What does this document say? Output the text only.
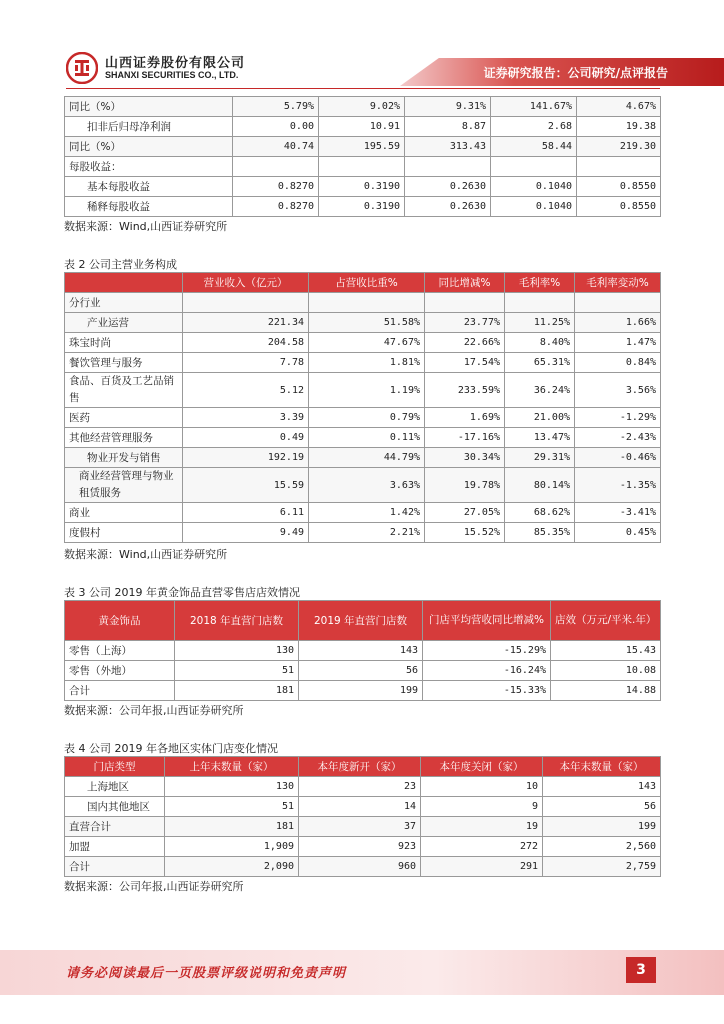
山西证券股份有限公司
SHANXI SECURITIES CO., LTD.	证券研究报告：公司研究/点评报告
同比（%）	5.79%	9.02%	9.31%	141.67%	4.67%
扣非后归母净利润	0.00	10.91	8.87	2.68	19.38
同比（%）	40.74	195.59	313.43	58.44	219.30
每股收益：					
基本每股收益	0.8270	0.3190	0.2630	0.1040	0.8550
稀释每股收益	0.8270	0.3190	0.2630	0.1040	0.8550
数据来源：Wind,山西证券研究所
表 2 公司主营业务构成
	营业收入（亿元）	占营收比重%	同比增减%	毛利率%	毛利率变动%
分行业					
产业运营	221.34	51.58%	23.77%	11.25%	1.66%
珠宝时尚	204.58	47.67%	22.66%	8.40%	1.47%
餐饮管理与服务	7.78	1.81%	17.54%	65.31%	0.84%
食品、百货及工艺品销售	5.12	1.19%	233.59%	36.24%	3.56%
医药	3.39	0.79%	1.69%	21.00%	-1.29%
其他经营管理服务	0.49	0.11%	-17.16%	13.47%	-2.43%
物业开发与销售	192.19	44.79%	30.34%	29.31%	-0.46%
商业经营管理与物业租赁服务	15.59	3.63%	19.78%	80.14%	-1.35%
商业	6.11	1.42%	27.05%	68.62%	-3.41%
度假村	9.49	2.21%	15.52%	85.35%	0.45%
数据来源：Wind,山西证券研究所
表 3 公司 2019 年黄金饰品直营零售店店效情况
黄金饰品	2018 年直营门店数	2019 年直营门店数	门店平均营收同比增减%	店效（万元/平米.年）
零售（上海）	130	143	-15.29%	15.43
零售（外地）	51	56	-16.24%	10.08
合计	181	199	-15.33%	14.88
数据来源：公司年报,山西证券研究所
表 4 公司 2019 年各地区实体门店变化情况
门店类型	上年末数量（家）	本年度新开（家）	本年度关闭（家）	本年末数量（家）
上海地区	130	23	10	143
国内其他地区	51	14	9	56
直营合计	181	37	19	199
加盟	1,909	923	272	2,560
合计	2,090	960	291	2,759
数据来源：公司年报,山西证券研究所
请务必阅读最后一页股票评级说明和免责声明	3
